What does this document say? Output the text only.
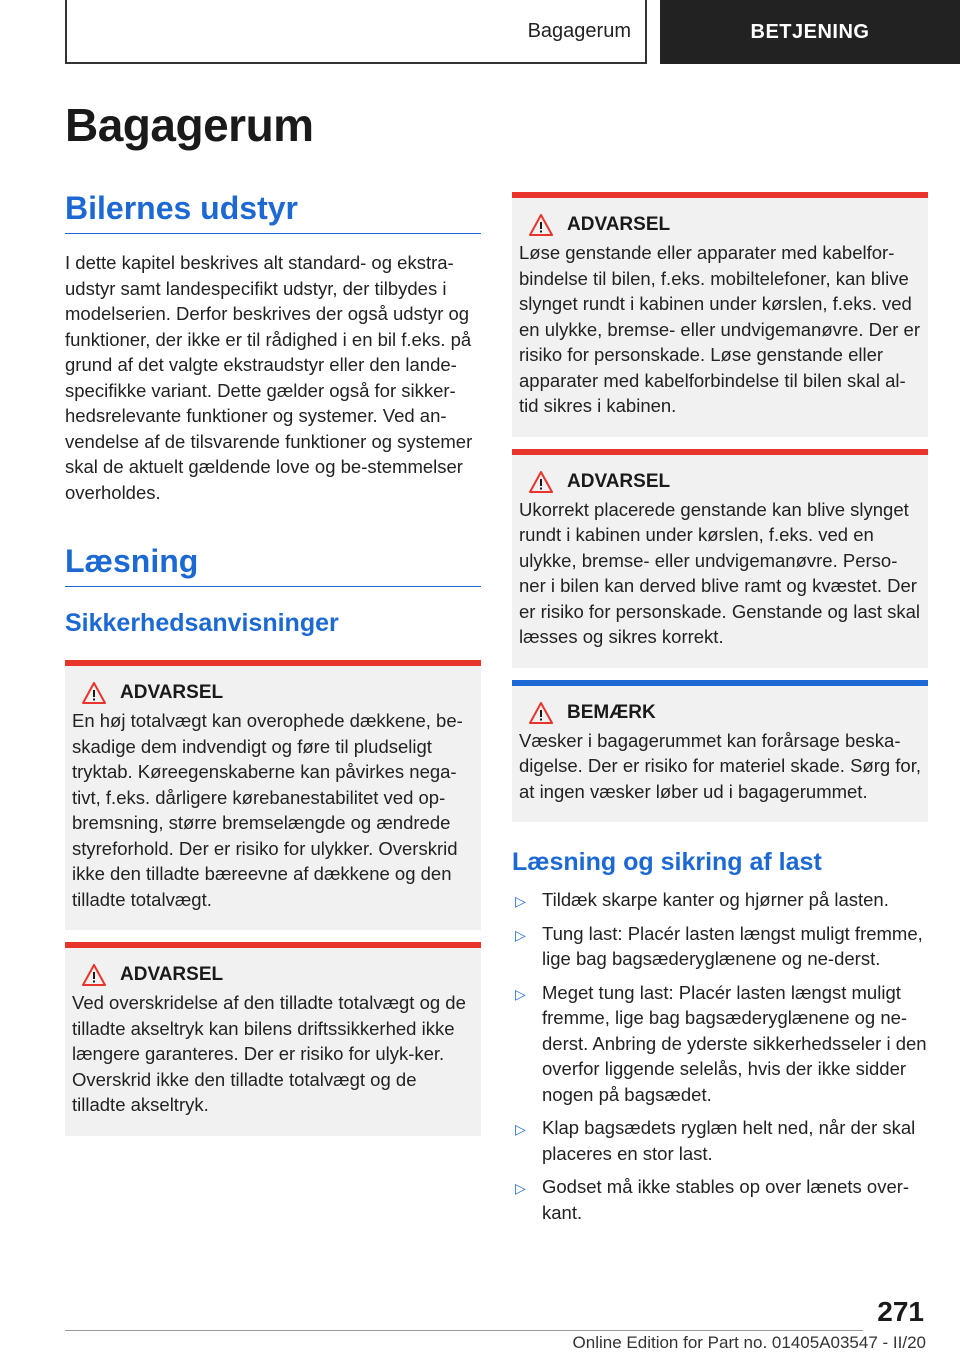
Bagagerum	BETJENING
Bagagerum
Bilernes udstyr

I dette kapitel beskrives alt standard- og ekstra-udstyr samt landespecifikt udstyr, der tilbydes i modelserien. Derfor beskrives der også udstyr og funktioner, der ikke er til rådighed i en bil f.eks. på grund af det valgte ekstraudstyr eller den lande-specifikke variant. Dette gælder også for sikker-hedsrelevante funktioner og systemer. Ved an-vendelse af de tilsvarende funktioner og systemer skal de aktuelt gældende love og be-stemmelser overholdes.

Læsning
Sikkerhedsanvisninger
ADVARSEL

En høj totalvægt kan overophede dækkene, be-skadige dem indvendigt og føre til pludseligt tryktab. Køreegenskaberne kan påvirkes nega-tivt, f.eks. dårligere kørebanestabilitet ved op-bremsning, større bremselængde og ændrede styreforhold. Der er risiko for ulykker. Overskrid ikke den tilladte bæreevne af dækkene og den tilladte totalvægt.

ADVARSEL

Ved overskridelse af den tilladte totalvægt og de tilladte akseltryk kan bilens driftssikkerhed ikke længere garanteres. Der er risiko for ulyk-ker. Overskrid ikke den tilladte totalvægt og de tilladte akseltryk.

ADVARSEL

Løse genstande eller apparater med kabelfor-bindelse til bilen, f.eks. mobiltelefoner, kan blive slynget rundt i kabinen under kørslen, f.eks. ved en ulykke, bremse- eller undvigemanøvre. Der er risiko for personskade. Løse genstande eller apparater med kabelforbindelse til bilen skal al-tid sikres i kabinen.

ADVARSEL

Ukorrekt placerede genstande kan blive slynget rundt i kabinen under kørslen, f.eks. ved en ulykke, bremse- eller undvigemanøvre. Perso-ner i bilen kan derved blive ramt og kvæstet. Der er risiko for personskade. Genstande og last skal læsses og sikres korrekt.

BEMÆRK

Væsker i bagagerummet kan forårsage beska-digelse. Der er risiko for materiel skade. Sørg for, at ingen væsker løber ud i bagagerummet.

Læsning og sikring af last
▷ Tildæk skarpe kanter og hjørner på lasten.
▷ Tung last: Placér lasten længst muligt fremme, lige bag bagsæderyglænene og ne-derst.
▷ Meget tung last: Placér lasten længst muligt fremme, lige bag bagsæderyglænene og ne-derst. Anbring de yderste sikkerhedsseler i den overfor liggende selelås, hvis der ikke sidder nogen på bagsædet.
▷ Klap bagsædets ryglæn helt ned, når der skal placeres en stor last.
▷ Godset må ikke stables op over lænets over-kant.
271
Online Edition for Part no. 01405A03547 - II/20
